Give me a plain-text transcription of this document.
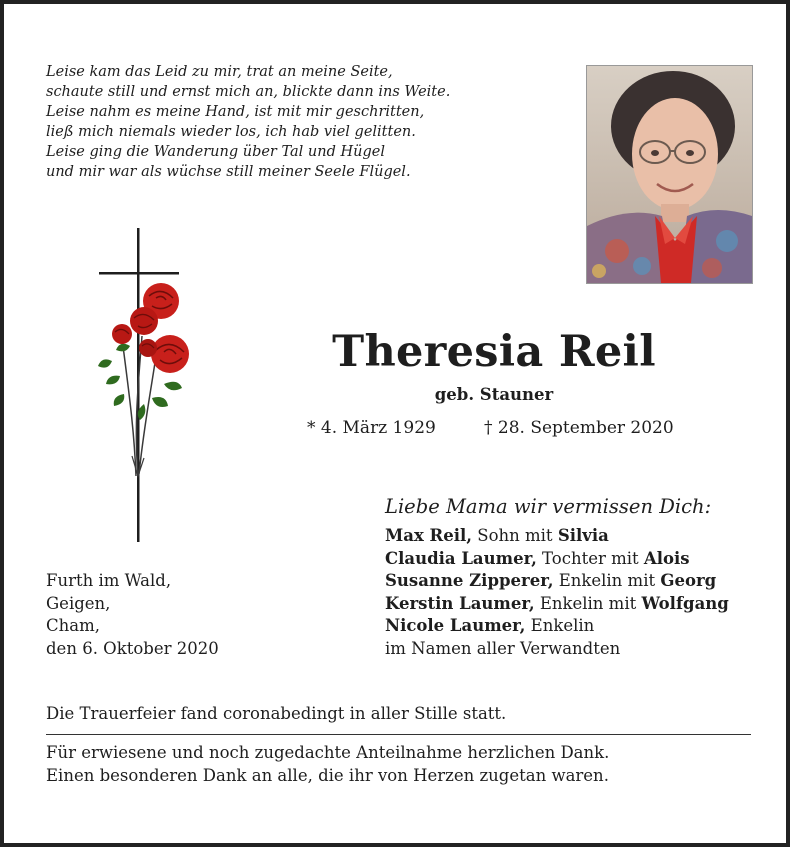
Leise kam das Leid zu mir, trat an meine Seite,
schaute still und ernst mich an, blickte dann ins Weite.
Leise nahm es meine Hand, ist mit mir geschritten,
ließ mich niemals wieder los, ich hab viel gelitten.
Leise ging die Wanderung über Tal und Hügel
und mir war als wüchse still meiner Seele Flügel.
Theresia Reil
geb. Stauner
* 4. März 1929	† 28. September 2020
Liebe Mama wir vermissen Dich:
Max Reil, Sohn mit Silvia
Claudia Laumer, Tochter mit Alois
Susanne Zipperer, Enkelin mit Georg
Kerstin Laumer, Enkelin mit Wolfgang
Nicole Laumer, Enkelin
im Namen aller Verwandten
Furth im Wald,
Geigen,
Cham,
den 6. Oktober 2020
Die Trauerfeier fand coronabedingt in aller Stille statt.
Für erwiesene und noch zugedachte Anteilnahme herzlichen Dank.
Einen besonderen Dank an alle, die ihr von Herzen zugetan waren.
